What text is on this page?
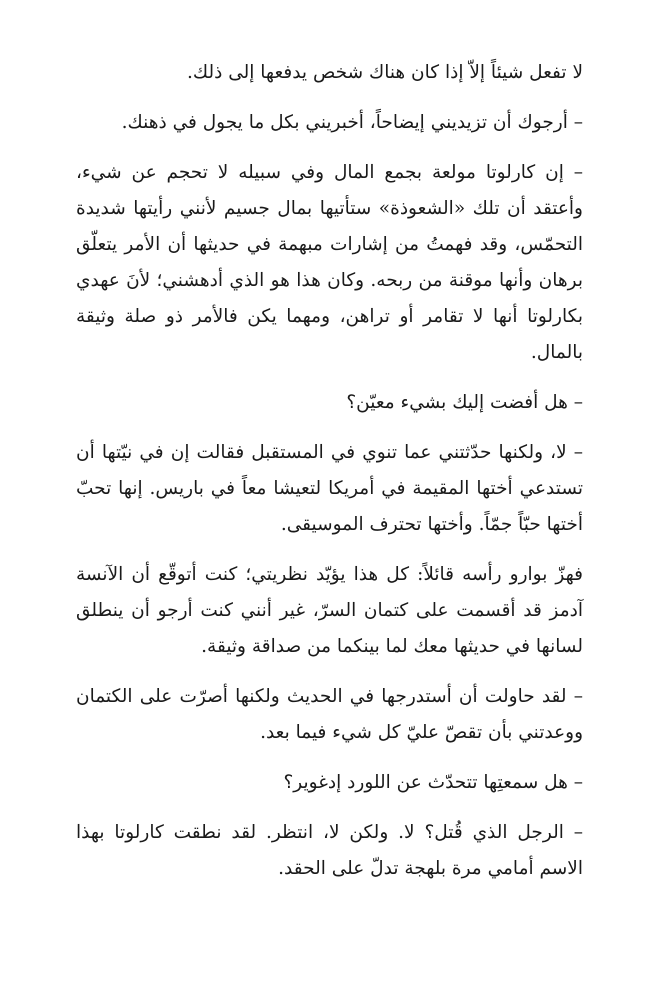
لا تفعل شيئاً إلاّ إذا كان هناك شخص يدفعها إلى ذلك.

– أرجوك أن تزيديني إيضاحاً، أخبريني بكل ما يجول في ذهنك.

– إن كارلوتا مولعة بجمع المال وفي سبيله لا تحجم عن شيء، وأعتقد أن تلك «الشعوذة» ستأتيها بمال جسيم لأنني رأيتها شديدة التحمّس، وقد فهمتُ من إشارات مبهمة في حديثها أن الأمر يتعلّق برهان وأنها موقنة من ربحه. وكان هذا هو الذي أدهشني؛ لأنَ عهدي بكارلوتا أنها لا تقامر أو تراهن، ومهما يكن فالأمر ذو صلة وثيقة بالمال.

– هل أفضت إليك بشيء معيّن؟

– لا، ولكنها حدّثتني عما تنوي في المستقبل فقالت إن في نيّتها أن تستدعي أختها المقيمة في أمريكا لتعيشا معاً في باريس. إنها تحبّ أختها حبّاً جمّاً. وأختها تحترف الموسيقى.

فهزّ بوارو رأسه قائلاً: كل هذا يؤيّد نظريتي؛ كنت أتوقّع أن الآنسة آدمز قد أقسمت على كتمان السرّ، غير أنني كنت أرجو أن ينطلق لسانها في حديثها معك لما بينكما من صداقة وثيقة.

– لقد حاولت أن أستدرجها في الحديث ولكنها أصرّت على الكتمان ووعدتني بأن تقصّ عليّ كل شيء فيما بعد.

– هل سمعتِها تتحدّث عن اللورد إدغوير؟

– الرجل الذي قُتل؟ لا. ولكن لا، انتظر. لقد نطقت كارلوتا بهذا الاسم أمامي مرة بلهجة تدلّ على الحقد.
